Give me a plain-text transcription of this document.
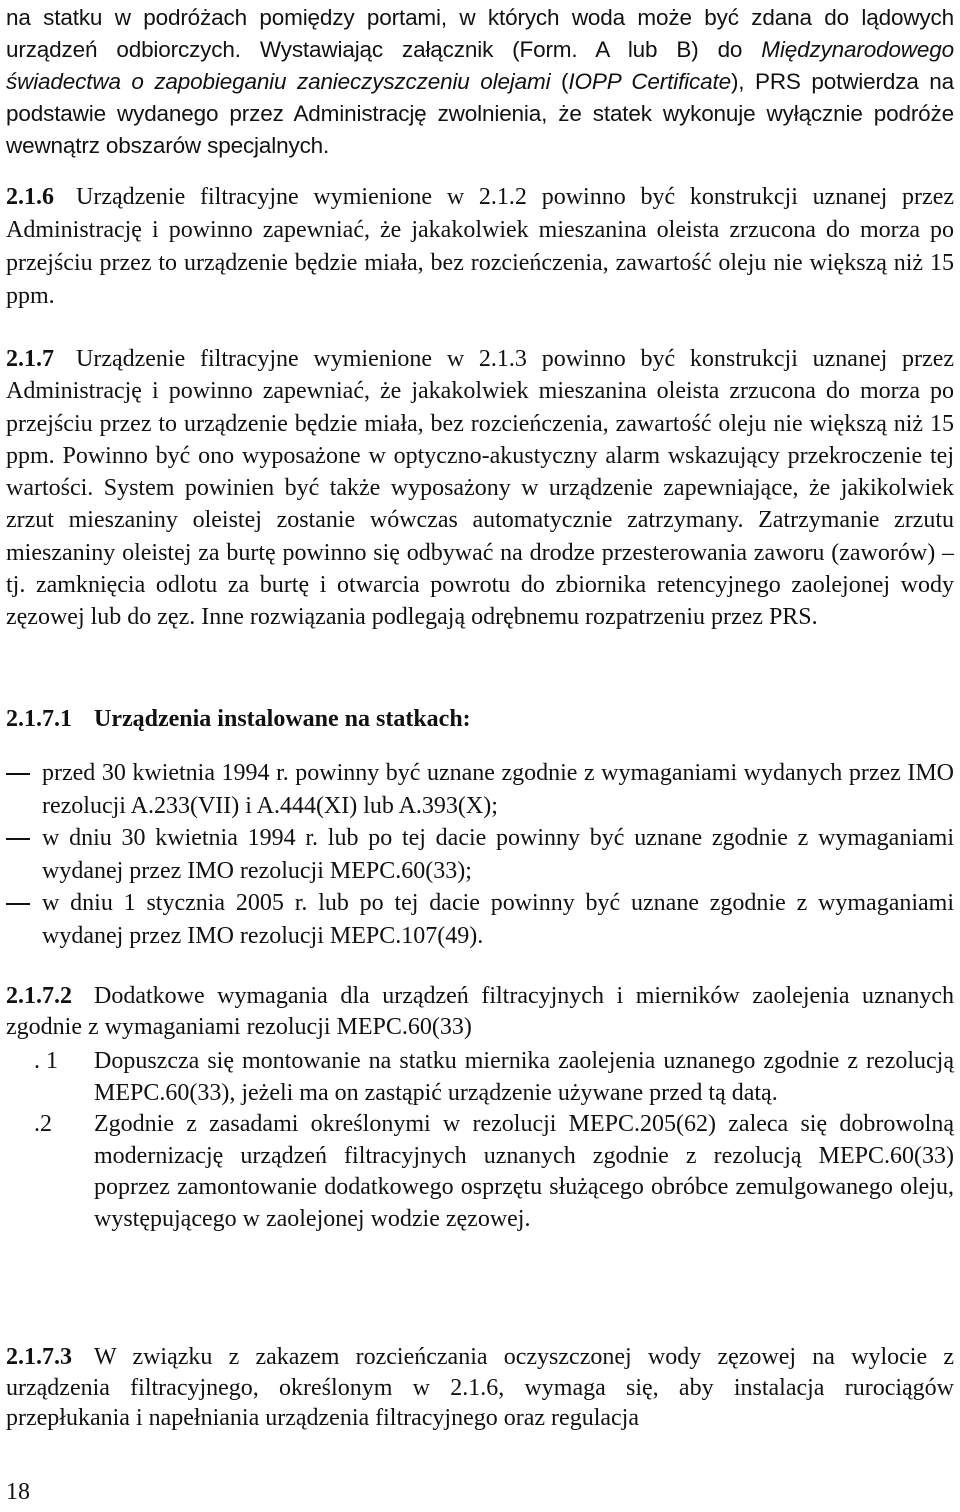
na statku w podróżach pomiędzy portami, w których woda może być zdana do lądowych urządzeń odbiorczych. Wystawiając załącznik (Form. A lub B) do Międzynarodowego świadectwa o zapobieganiu zanieczyszczeniu olejami (IOPP Certificate), PRS potwierdza na podstawie wydanego przez Administrację zwolnienia, że statek wykonuje wyłącznie podróże wewnątrz obszarów specjalnych.

2.1.6 Urządzenie filtracyjne wymienione w 2.1.2 powinno być konstrukcji uznanej przez Administrację i powinno zapewniać, że jakakolwiek mieszanina oleista zrzucona do morza po przejściu przez to urządzenie będzie miała, bez rozcieńczenia, zawartość oleju nie większą niż 15 ppm.

2.1.7 Urządzenie filtracyjne wymienione w 2.1.3 powinno być konstrukcji uznanej przez Administrację i powinno zapewniać, że jakakolwiek mieszanina oleista zrzucona do morza po przejściu przez to urządzenie będzie miała, bez rozcieńczenia, zawartość oleju nie większą niż 15 ppm. Powinno być ono wyposażone w optyczno-akustyczny alarm wskazujący przekroczenie tej wartości. System powinien być także wyposażony w urządzenie zapewniające, że jakikolwiek zrzut mieszaniny oleistej zostanie wówczas automatycznie zatrzymany. Zatrzymanie zrzutu mieszaniny oleistej za burtę powinno się odbywać na drodze przesterowania zaworu (zaworów) – tj. zamknięcia odlotu za burtę i otwarcia powrotu do zbiornika retencyjnego zaolejonej wody zęzowej lub do zęz. Inne rozwiązania podlegają odrębnemu rozpatrzeniu przez PRS.

2.1.7.1 Urządzenia instalowane na statkach:

przed 30 kwietnia 1994 r. powinny być uznane zgodnie z wymaganiami wydanych przez IMO rezolucji A.233(VII) i A.444(XI) lub A.393(X);
w dniu 30 kwietnia 1994 r. lub po tej dacie powinny być uznane zgodnie z wymaganiami wydanej przez IMO rezolucji MEPC.60(33);
w dniu 1 stycznia 2005 r. lub po tej dacie powinny być uznane zgodnie z wymaganiami wydanej przez IMO rezolucji MEPC.107(49).

2.1.7.2 Dodatkowe wymagania dla urządzeń filtracyjnych i mierników zaolejenia uznanych zgodnie z wymaganiami rezolucji MEPC.60(33)

. 1 Dopuszcza się montowanie na statku miernika zaolejenia uznanego zgodnie z rezolucją MEPC.60(33), jeżeli ma on zastąpić urządzenie używane przed tą datą.
.2 Zgodnie z zasadami określonymi w rezolucji MEPC.205(62) zaleca się dobrowolną modernizację urządzeń filtracyjnych uznanych zgodnie z rezolucją MEPC.60(33) poprzez zamontowanie dodatkowego osprzętu służącego obróbce zemulgowanego oleju, występującego w zaolejonej wodzie zęzowej.

2.1.7.3 W związku z zakazem rozcieńczania oczyszczonej wody zęzowej na wylocie z urządzenia filtracyjnego, określonym w 2.1.6, wymaga się, aby instalacja rurociągów przepłukania i napełniania urządzenia filtracyjnego oraz regulacja

18
